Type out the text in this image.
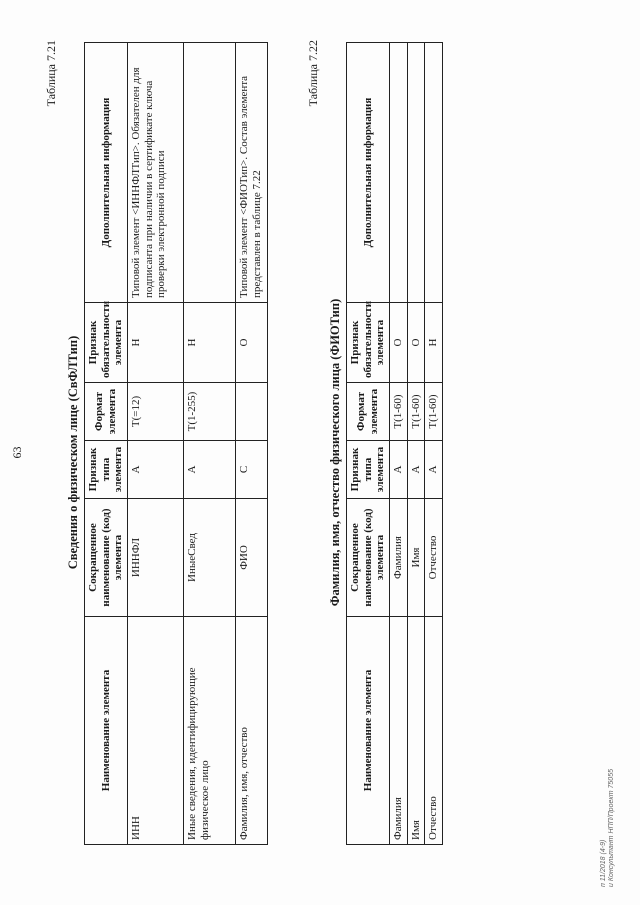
63
Таблица 7.21
Сведения о физическом лице (СвФЛТип)
Наименование элемента	Сокращенное наименование (код) элемента	Признак типа элемента	Формат элемента	Признак обязательности элемента	Дополнительная информация
ИНН	ИННФЛ	А	T(=12)	Н	Типовой элемент <ИННФЛТип>. Обязателен для подписанта при наличии в сертификате ключа проверки электронной подписи
Иные сведения, идентифицирующие физическое лицо	ИныеСвед	А	T(1-255)	Н	
Фамилия, имя, отчество	ФИО	С		О	Типовой элемент <ФИОТип>. Состав элемента представлен в таблице 7.22
Таблица 7.22
Фамилия, имя, отчество физического лица (ФИОТип)
Наименование элемента	Сокращенное наименование (код) элемента	Признак типа элемента	Формат элемента	Признак обязательности элемента	Дополнительная информация
Фамилия	Фамилия	А	T(1-60)	О	
Имя	Имя	А	T(1-60)	О	
Отчество	Отчество	А	T(1-60)	Н	
п 11/2018 (4-9) и Консультант НПП/Проект 75055
